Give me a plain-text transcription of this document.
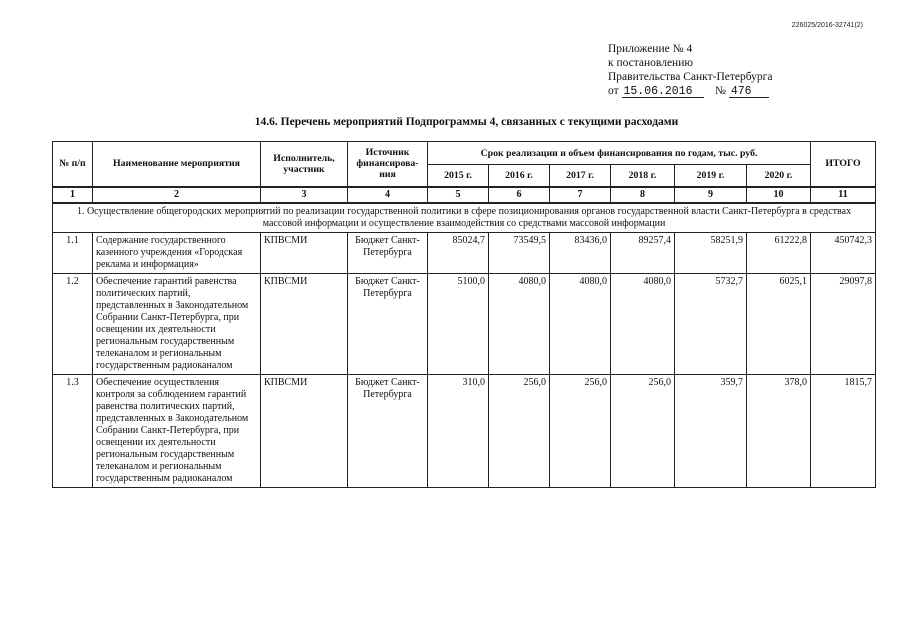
226025/2016-32741(2)
Приложение № 4
к постановлению
Правительства Санкт-Петербурга
от 15.06.2016 № 476
14.6. Перечень мероприятий Подпрограммы 4, связанных с текущими расходами
№ п/п	Наименование мероприятия	Исполнитель, участник	Источник финансирова-ния	Срок реализации и объем финансирования по годам, тыс. руб.						ИТОГО
				2015 г.	2016 г.	2017 г.	2018 г.	2019 г.	2020 г.	
1	2	3	4	5	6	7	8	9	10	11
1. Осуществление общегородских мероприятий по реализации государственной политики в сфере позиционирования органов государственной власти Санкт-Петербурга в средствах массовой информации и осуществление взаимодействия со средствами массовой информации										
1.1	Содержание государственного казенного учреждения «Городская реклама и информация»	КПВСМИ	Бюджет Санкт-Петербурга	85024,7	73549,5	83436,0	89257,4	58251,9	61222,8	450742,3
1.2	Обеспечение гарантий равенства политических партий, представленных в Законодательном Собрании Санкт-Петербурга, при освещении их деятельности региональным государственным телеканалом и региональным государственным радиоканалом	КПВСМИ	Бюджет Санкт-Петербурга	5100,0	4080,0	4080,0	4080,0	5732,7	6025,1	29097,8
1.3	Обеспечение осуществления контроля за соблюдением гарантий равенства политических партий, представленных в Законодательном Собрании Санкт-Петербурга, при освещении их деятельности региональным государственным телеканалом и региональным государственным радиоканалом	КПВСМИ	Бюджет Санкт-Петербурга	310,0	256,0	256,0	256,0	359,7	378,0	1815,7
